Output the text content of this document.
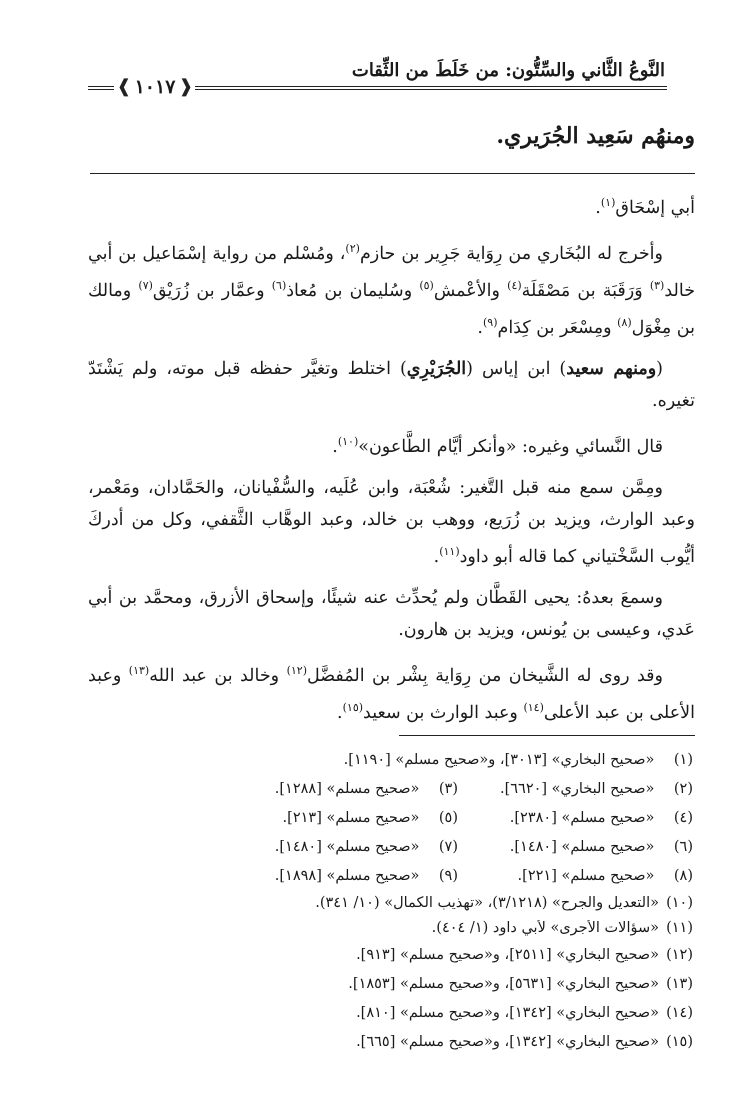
النَّوعُ الثَّاني والسِّتُّون: من خَلَطَ من الثِّقات
❰ ١٠١٧ ❱
ومنهُم سَعِيد الجُرَيري.

أبي إسْحَاق$^{(١)}$.

وأخرج له البُخَاري من رِوَاية جَرِير بن حازم$^{(٢)}$، ومُسْلم من رواية إسْمَاعيل بن أبي خالد$^{(٣)}$ وَرَقَبَة بن مَصْقَلَة$^{(٤)}$ والأعْمش$^{(٥)}$ وسُليمان بن مُعاذ$^{(٦)}$ وعمَّار بن زُرَيْق$^{(٧)}$ ومالك بن مِغْوَل$^{(٨)}$ ومِسْعَر بن كِدَام$^{(٩)}$.

(ومنهم سعيد) ابن إياس (الجُرَيْرِي) اختلط وتغيَّر حفظه قبل موته، ولم يَشْتَدّ تغيره.

قال النَّسائي وغيره: «وأنكر أيَّام الطَّاعون»$^{(١٠)}$.

ومِمَّن سمع منه قبل التَّغير: شُعْبَة، وابن عُلَيه، والسُّفْيانان، والحَمَّادان، ومَعْمر، وعبد الوارث، ويزيد بن زُرَيع، ووهب بن خالد، وعبد الوهَّاب الثَّقفي، وكل من أدركَ أيُّوب السَّخْتياني كما قاله أبو داود$^{(١١)}$.

وسمعَ بعدهُ: يحيى القَطَّان ولم يُحدِّث عنه شيئًا، وإسحاق الأزرق، ومحمَّد بن أبي عَدي، وعيسى بن يُونس، ويزيد بن هارون.

وقد روى له الشَّيخان من رِوَاية بِشْر بن المُفضَّل$^{(١٢)}$ وخالد بن عبد الله$^{(١٣)}$ وعبد الأعلى بن عبد الأعلى$^{(١٤)}$ وعبد الوارث بن سعيد$^{(١٥)}$.

(١) «صحيح البخاري» [٣٠١٣]، و«صحيح مسلم» [١١٩٠].
(٢) «صحيح البخاري» [٦٦٢٠].
(٣) «صحيح مسلم» [١٢٨٨].
(٤) «صحيح مسلم» [٢٣٨٠].
(٥) «صحيح مسلم» [٢١٣].
(٦) «صحيح مسلم» [١٤٨٠].
(٧) «صحيح مسلم» [١٤٨٠].
(٨) «صحيح مسلم» [٢٢١].
(٩) «صحيح مسلم» [١٨٩٨].
(١٠)«التعديل والجرح» (٣/١٢١٨)، «تهذيب الكمال» (١٠/ ٣٤١).
(١١)«سؤالات الأجرى» لأبي داود (١/ ٤٠٤).
(١٢)«صحيح البخاري» [٢٥١١]، و«صحيح مسلم» [٩١٣].
(١٣)«صحيح البخاري» [٥٦٣١]، و«صحيح مسلم» [١٨٥٣].
(١٤)«صحيح البخاري» [١٣٤٢]، و«صحيح مسلم» [٨١٠].
(١٥)«صحيح البخاري» [١٣٤٢]، و«صحيح مسلم» [٦٦٥].
